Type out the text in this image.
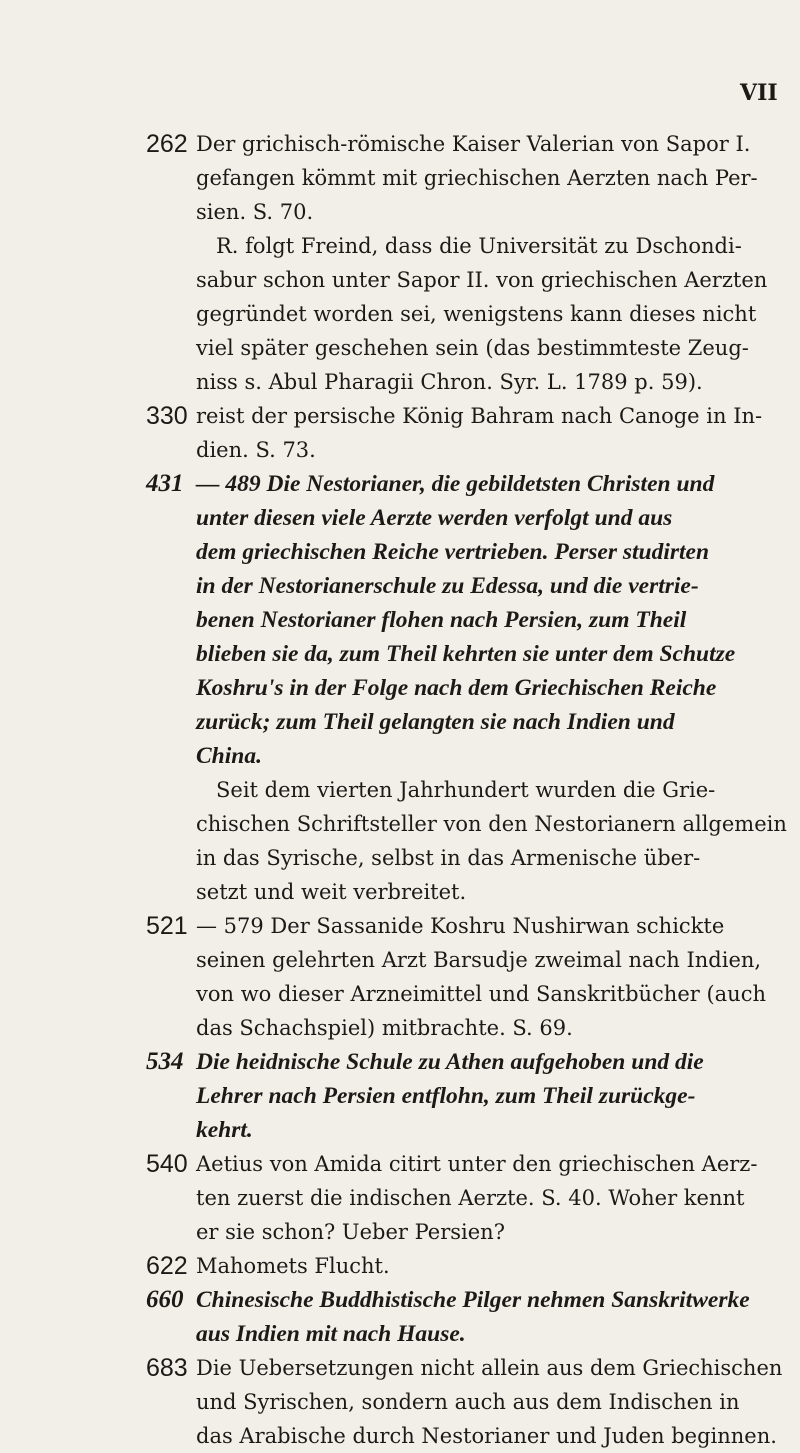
VII
262 Der grichisch-römische Kaiser Valerian von Sapor I.
gefangen kömmt mit griechischen Aerzten nach Per-
sien. S. 70.
R. folgt Freind, dass die Universität zu Dschondi-
sabur schon unter Sapor II. von griechischen Aerzten
gegründet worden sei, wenigstens kann dieses nicht
viel später geschehen sein (das bestimmteste Zeug-
niss s. Abul Pharagii Chron. Syr. L. 1789 p. 59).
330 reist der persische König Bahram nach Canoge in In-
dien. S. 73.
431 — 489 Die Nestorianer, die gebildetsten Christen und
unter diesen viele Aerzte werden verfolgt und aus
dem griechischen Reiche vertrieben. Perser studirten
in der Nestorianerschule zu Edessa, und die vertrie-
benen Nestorianer flohen nach Persien, zum Theil
blieben sie da, zum Theil kehrten sie unter dem Schutze
Koshru's in der Folge nach dem Griechischen Reiche
zurück; zum Theil gelangten sie nach Indien und
China.
Seit dem vierten Jahrhundert wurden die Grie-
chischen Schriftsteller von den Nestorianern allgemein
in das Syrische, selbst in das Armenische über-
setzt und weit verbreitet.
521 — 579 Der Sassanide Koshru Nushirwan schickte
seinen gelehrten Arzt Barsudje zweimal nach Indien,
von wo dieser Arzneimittel und Sanskritbücher (auch
das Schachspiel) mitbrachte. S. 69.
534 Die heidnische Schule zu Athen aufgehoben und die
Lehrer nach Persien entflohn, zum Theil zurückge-
kehrt.
540 Aetius von Amida citirt unter den griechischen Aerz-
ten zuerst die indischen Aerzte. S. 40. Woher kennt
er sie schon? Ueber Persien?
622 Mahomets Flucht.
660 Chinesische Buddhistische Pilger nehmen Sanskritwerke
aus Indien mit nach Hause.
683 Die Uebersetzungen nicht allein aus dem Griechischen
und Syrischen, sondern auch aus dem Indischen in
das Arabische durch Nestorianer und Juden beginnen.
